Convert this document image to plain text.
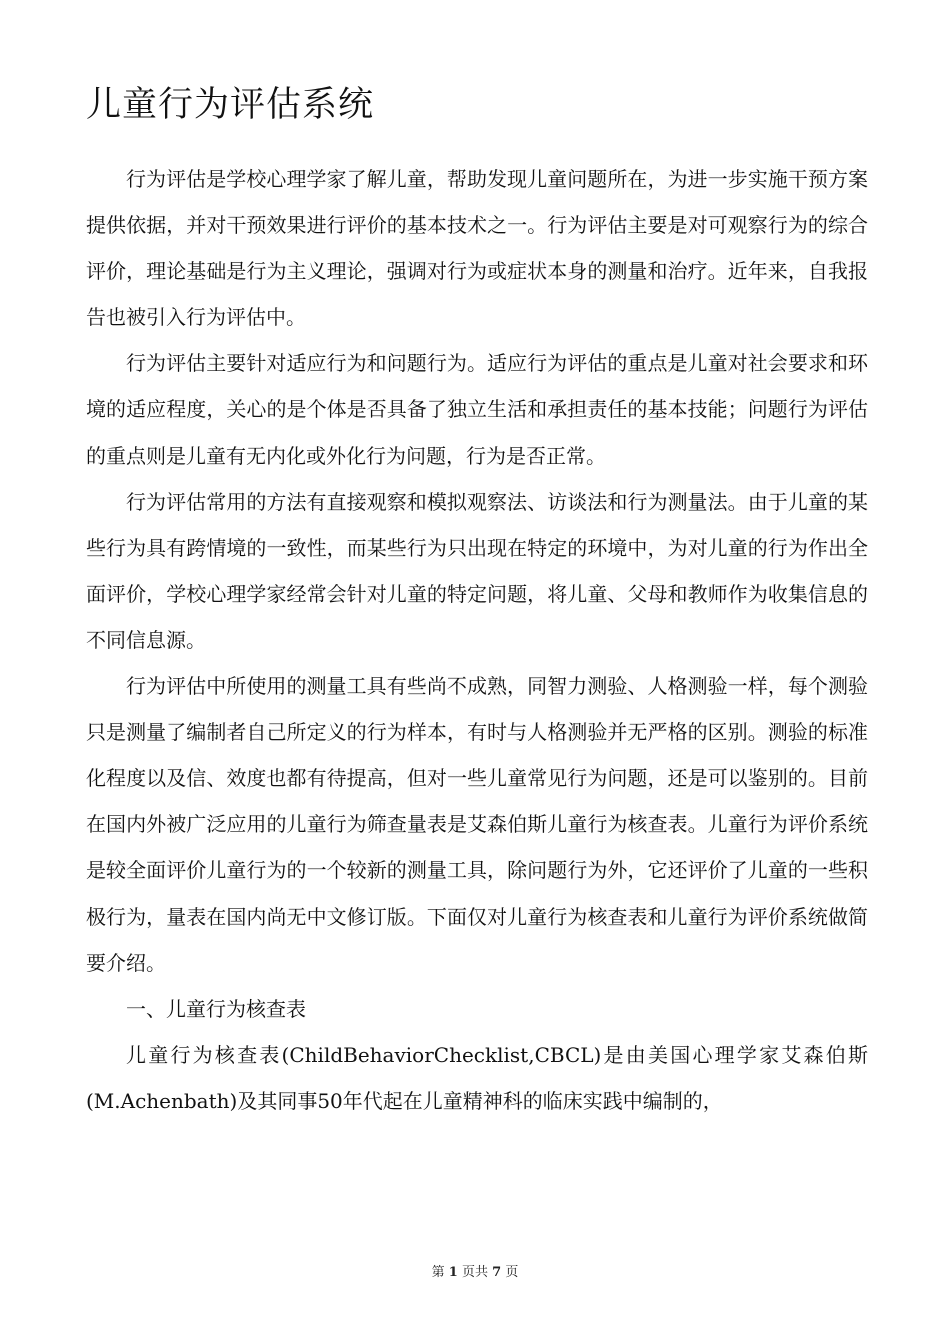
儿童行为评估系统

行为评估是学校心理学家了解儿童，帮助发现儿童问题所在，为进一步实施干预方案提供依据，并对干预效果进行评价的基本技术之一。行为评估主要是对可观察行为的综合评价，理论基础是行为主义理论，强调对行为或症状本身的测量和治疗。近年来，自我报告也被引入行为评估中。

行为评估主要针对适应行为和问题行为。适应行为评估的重点是儿童对社会要求和环境的适应程度，关心的是个体是否具备了独立生活和承担责任的基本技能；问题行为评估的重点则是儿童有无内化或外化行为问题，行为是否正常。

行为评估常用的方法有直接观察和模拟观察法、访谈法和行为测量法。由于儿童的某些行为具有跨情境的一致性，而某些行为只出现在特定的环境中，为对儿童的行为作出全面评价，学校心理学家经常会针对儿童的特定问题，将儿童、父母和教师作为收集信息的不同信息源。

行为评估中所使用的测量工具有些尚不成熟，同智力测验、人格测验一样，每个测验只是测量了编制者自己所定义的行为样本，有时与人格测验并无严格的区别。测验的标准化程度以及信、效度也都有待提高，但对一些儿童常见行为问题，还是可以鉴别的。目前在国内外被广泛应用的儿童行为筛查量表是艾森伯斯儿童行为核查表。儿童行为评价系统是较全面评价儿童行为的一个较新的测量工具，除问题行为外，它还评价了儿童的一些积极行为，量表在国内尚无中文修订版。下面仅对儿童行为核查表和儿童行为评价系统做简要介绍。

一、儿童行为核查表

儿童行为核查表(ChildBehaviorChecklist,CBCL)是由美国心理学家艾森伯斯(M.Achenbath)及其同事50年代起在儿童精神科的临床实践中编制的，

第 1 页共 7 页
